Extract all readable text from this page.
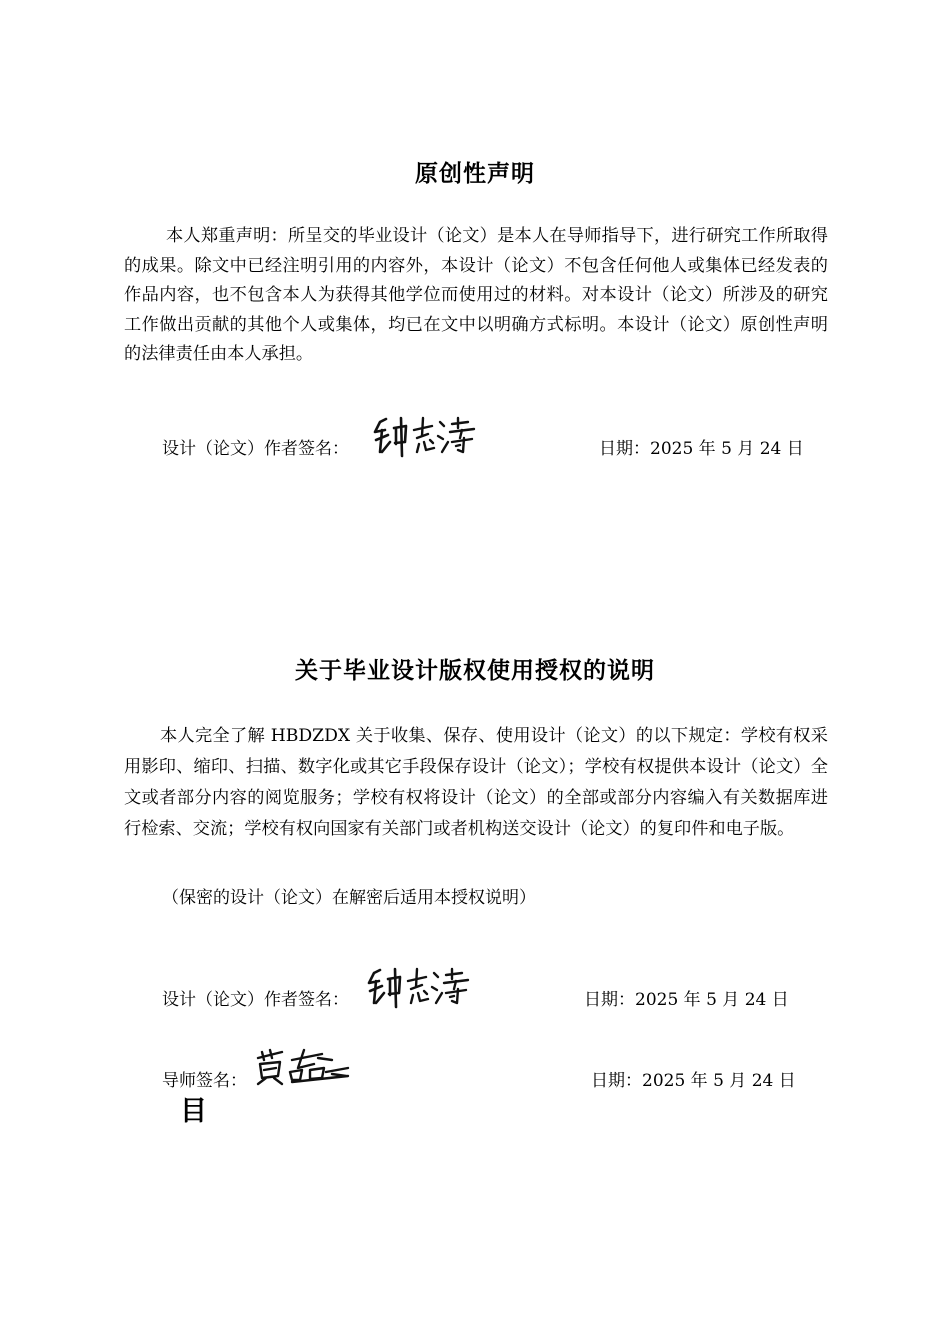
原创性声明
本人郑重声明：所呈交的毕业设计（论文）是本人在导师指导下，进行研究工作所取得的成果。除文中已经注明引用的内容外，本设计（论文）不包含任何他人或集体已经发表的作品内容，也不包含本人为获得其他学位而使用过的材料。对本设计（论文）所涉及的研究工作做出贡献的其他个人或集体，均已在文中以明确方式标明。本设计（论文）原创性声明的法律责任由本人承担。
设计（论文）作者签名：	日期：2025 年 5 月 24 日
关于毕业设计版权使用授权的说明
本人完全了解 HBDZDX 关于收集、保存、使用设计（论文）的以下规定：学校有权采用影印、缩印、扫描、数字化或其它手段保存设计（论文）；学校有权提供本设计（论文）全文或者部分内容的阅览服务；学校有权将设计（论文）的全部或部分内容编入有关数据库进行检索、交流；学校有权向国家有关部门或者机构送交设计（论文）的复印件和电子版。
（保密的设计（论文）在解密后适用本授权说明）
设计（论文）作者签名：	日期：2025 年 5 月 24 日
导师签名：	日期：2025 年 5 月 24 日
目
